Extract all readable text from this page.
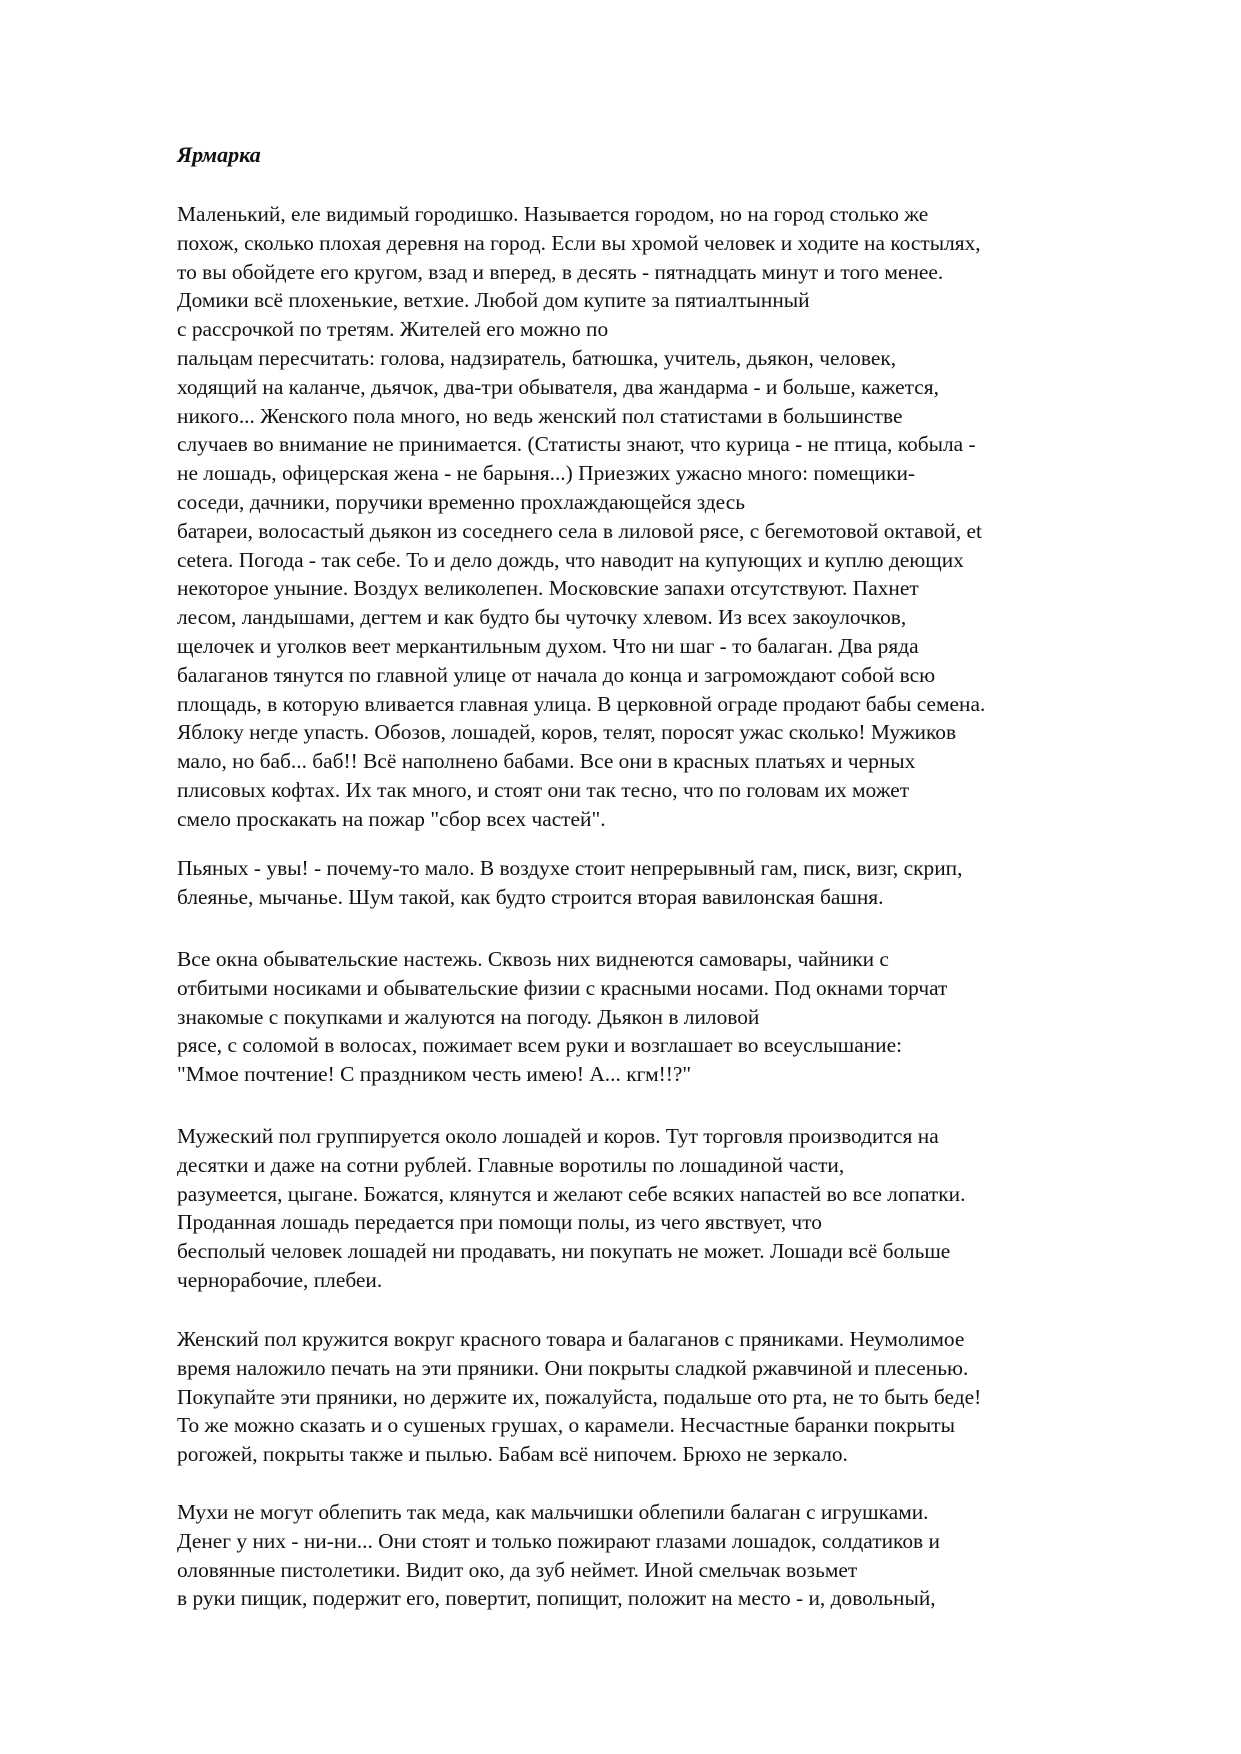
Ярмарка

Маленький, еле видимый городишко. Называется городом, но на город столько же
похож, сколько плохая деревня на город. Если вы хромой человек и ходите на костылях,
то вы обойдете его кругом, взад и вперед, в десять - пятнадцать минут и того менее.
Домики всё плохенькие, ветхие. Любой дом купите за пятиалтынный
с рассрочкой по третям. Жителей его можно по
пальцам пересчитать: голова, надзиратель, батюшка, учитель, дьякон, человек,
ходящий на каланче, дьячок, два-три обывателя, два жандарма - и больше, кажется,
никого... Женского пола много, но ведь женский пол статистами в большинстве
случаев во внимание не принимается. (Статисты знают, что курица - не птица, кобыла -
не лошадь, офицерская жена - не барыня...) Приезжих ужасно много: помещики-
соседи, дачники, поручики временно прохлаждающейся здесь
батареи, волосастый дьякон из соседнего села в лиловой рясе, с бегемотовой октавой, et
cetera. Погода - так себе. То и дело дождь, что наводит на купующих и куплю деющих
некоторое уныние. Воздух великолепен. Московские запахи отсутствуют. Пахнет
лесом, ландышами, дегтем и как будто бы чуточку хлевом. Из всех закоулочков,
щелочек и уголков веет меркантильным духом. Что ни шаг - то балаган. Два ряда
балаганов тянутся по главной улице от начала до конца и загромождают собой всю
площадь, в которую вливается главная улица. В церковной ограде продают бабы семена.
Яблоку негде упасть. Обозов, лошадей, коров, телят, поросят ужас сколько! Мужиков
мало, но баб... баб!! Всё наполнено бабами. Все они в красных платьях и черных
плисовых кофтах. Их так много, и стоят они так тесно, что по головам их может
смело проскакать на пожар "сбор всех частей".

Пьяных - увы! - почему-то мало. В воздухе стоит непрерывный гам, писк, визг, скрип,
блеянье, мычанье. Шум такой, как будто строится вторая вавилонская башня.

Все окна обывательские настежь. Сквозь них виднеются самовары, чайники с
отбитыми носиками и обывательские физии с красными носами. Под окнами торчат
знакомые с покупками и жалуются на погоду. Дьякон в лиловой
рясе, с соломой в волосах, пожимает всем руки и возглашает во всеуслышание:
"Ммое почтение! С праздником честь имею! А... кгм!!?"

Мужеский пол группируется около лошадей и коров. Тут торговля производится на
десятки и даже на сотни рублей. Главные воротилы по лошадиной части,
разумеется, цыгане. Божатся, клянутся и желают себе всяких напастей во все лопатки.
Проданная лошадь передается при помощи полы, из чего явствует, что
бесполый человек лошадей ни продавать, ни покупать не может. Лошади всё больше
чернорабочие, плебеи.

Женский пол кружится вокруг красного товара и балаганов с пряниками. Неумолимое
время наложило печать на эти пряники. Они покрыты сладкой ржавчиной и плесенью.
Покупайте эти пряники, но держите их, пожалуйста, подальше ото рта, не то быть беде!
То же можно сказать и о сушеных грушах, о карамели. Несчастные баранки покрыты
рогожей, покрыты также и пылью. Бабам всё нипочем. Брюхо не зеркало.

Мухи не могут облепить так меда, как мальчишки облепили балаган с игрушками.
Денег у них - ни-ни... Они стоят и только пожирают глазами лошадок, солдатиков и
оловянные пистолетики. Видит око, да зуб неймет. Иной смельчак возьмет
в руки пищик, подержит его, повертит, попищит, положит на место - и, довольный,
